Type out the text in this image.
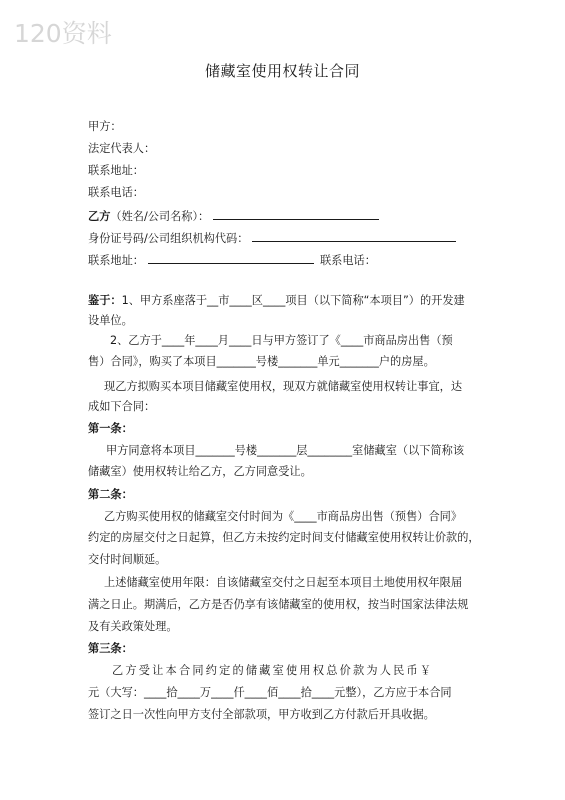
120资料
储藏室使用权转让合同
甲方：
法定代表人：
联系地址：
联系电话：
乙方（姓名/公司名称）：
身份证号码/公司组织机构代码：
联系地址：	联系电话：
鉴于：1、甲方系座落于__市____区____项目（以下简称“本项目”）的开发建
设单位。
2、乙方于____年____月____日与甲方签订了《____市商品房出售（预
售）合同》，购买了本项目_______号楼_______单元_______户的房屋。
现乙方拟购买本项目储藏室使用权，现双方就储藏室使用权转让事宜，达
成如下合同：
第一条：
甲方同意将本项目_______号楼_______层________室储藏室（以下简称该
储藏室）使用权转让给乙方，乙方同意受让。
第二条：
乙方购买使用权的储藏室交付时间为《____市商品房出售（预售）合同》
约定的房屋交付之日起算，但乙方未按约定时间支付储藏室使用权转让价款的，
交付时间顺延。
上述储藏室使用年限：自该储藏室交付之日起至本项目土地使用权年限届
满之日止。期满后，乙方是否仍享有该储藏室的使用权，按当时国家法律法规
及有关政策处理。
第三条：
乙方受让本合同约定的储藏室使用权总价款为人民币￥
元（大写：____拾____万____仟____佰____拾____元整），乙方应于本合同
签订之日一次性向甲方支付全部款项，甲方收到乙方付款后开具收据。
